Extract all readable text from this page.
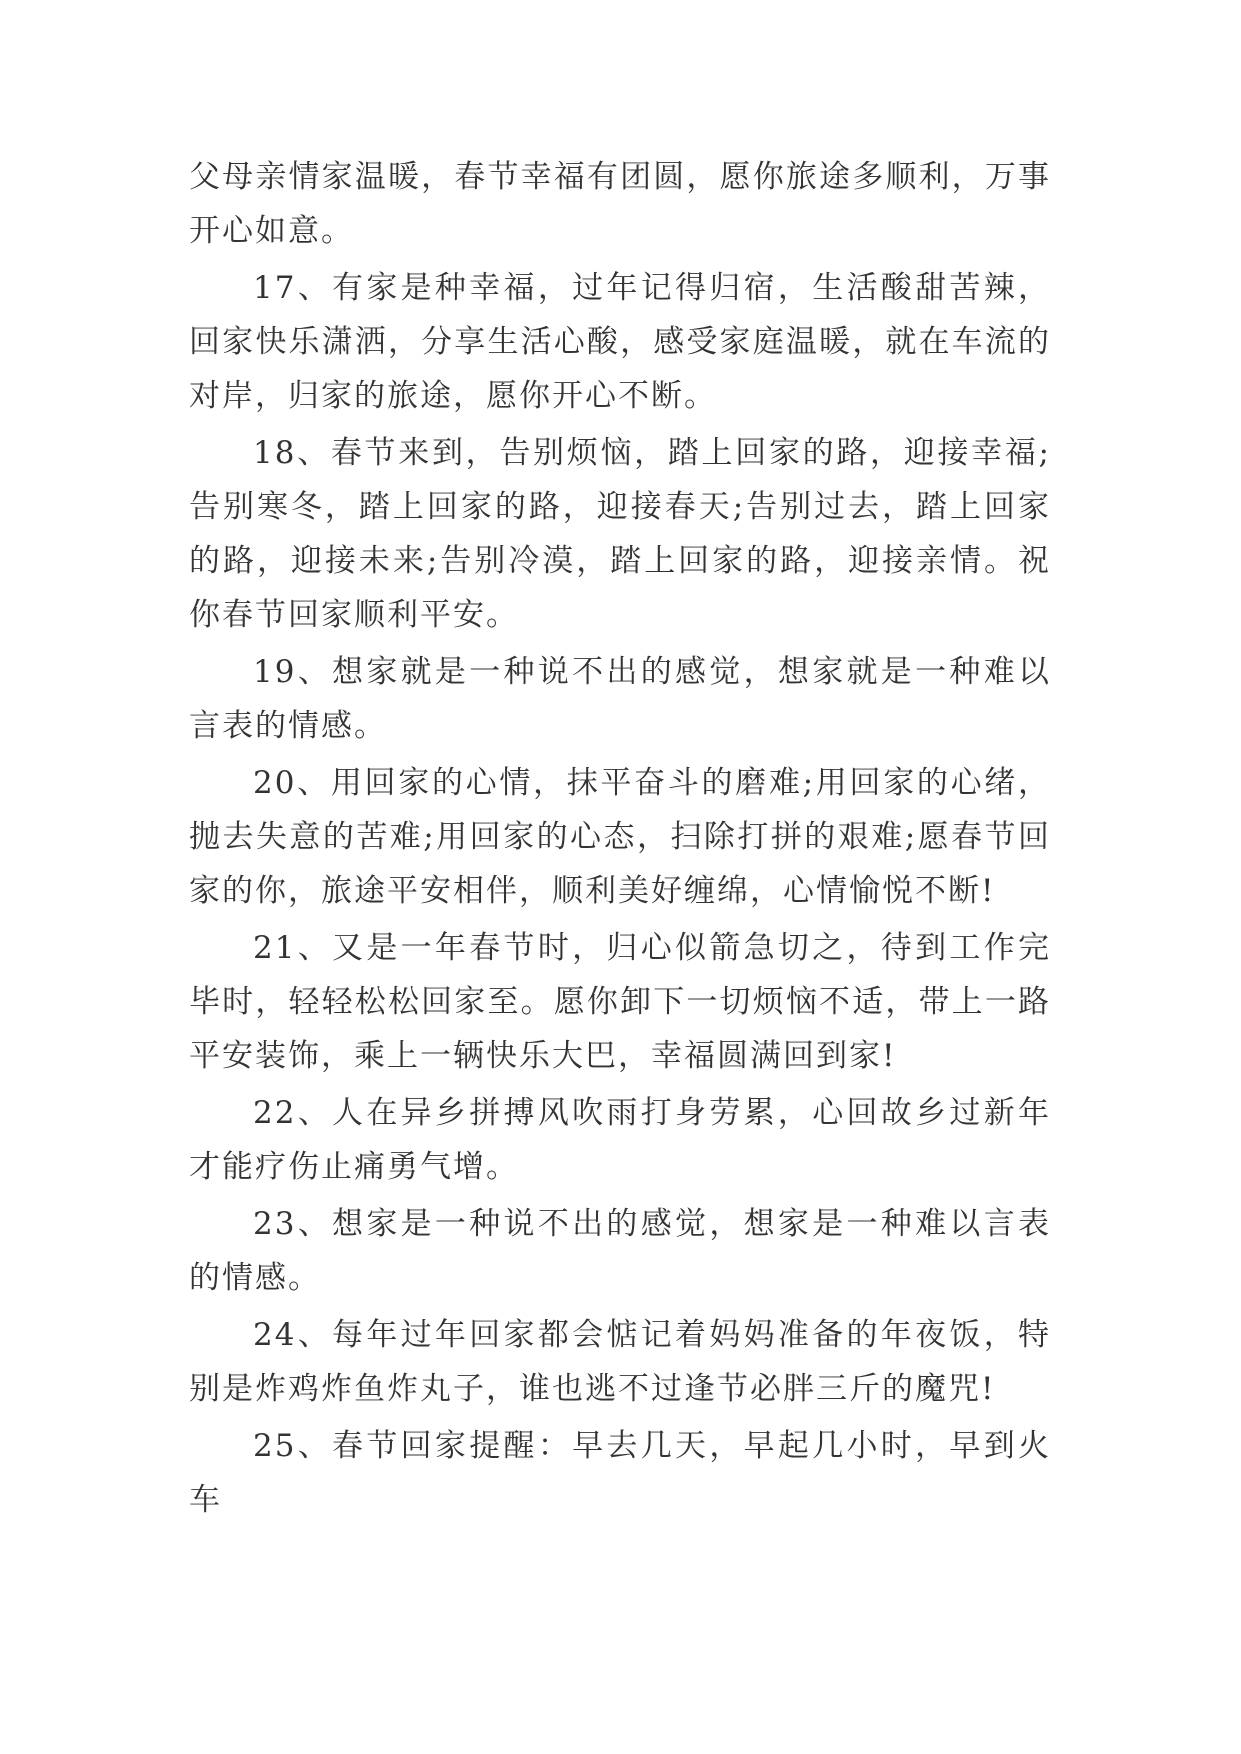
父母亲情家温暖，春节幸福有团圆，愿你旅途多顺利，万事开心如意。

17、有家是种幸福，过年记得归宿，生活酸甜苦辣，回家快乐潇洒，分享生活心酸，感受家庭温暖，就在车流的对岸，归家的旅途，愿你开心不断。

18、春节来到，告别烦恼，踏上回家的路，迎接幸福;告别寒冬，踏上回家的路，迎接春天;告别过去，踏上回家的路，迎接未来;告别冷漠，踏上回家的路，迎接亲情。祝你春节回家顺利平安。

19、想家就是一种说不出的感觉，想家就是一种难以言表的情感。

20、用回家的心情，抹平奋斗的磨难;用回家的心绪，抛去失意的苦难;用回家的心态，扫除打拼的艰难;愿春节回家的你，旅途平安相伴，顺利美好缠绵，心情愉悦不断!

21、又是一年春节时，归心似箭急切之，待到工作完毕时，轻轻松松回家至。愿你卸下一切烦恼不适，带上一路平安装饰，乘上一辆快乐大巴，幸福圆满回到家!

22、人在异乡拼搏风吹雨打身劳累，心回故乡过新年才能疗伤止痛勇气增。

23、想家是一种说不出的感觉，想家是一种难以言表的情感。

24、每年过年回家都会惦记着妈妈准备的年夜饭，特别是炸鸡炸鱼炸丸子，谁也逃不过逢节必胖三斤的魔咒!

25、春节回家提醒：早去几天，早起几小时，早到火车
